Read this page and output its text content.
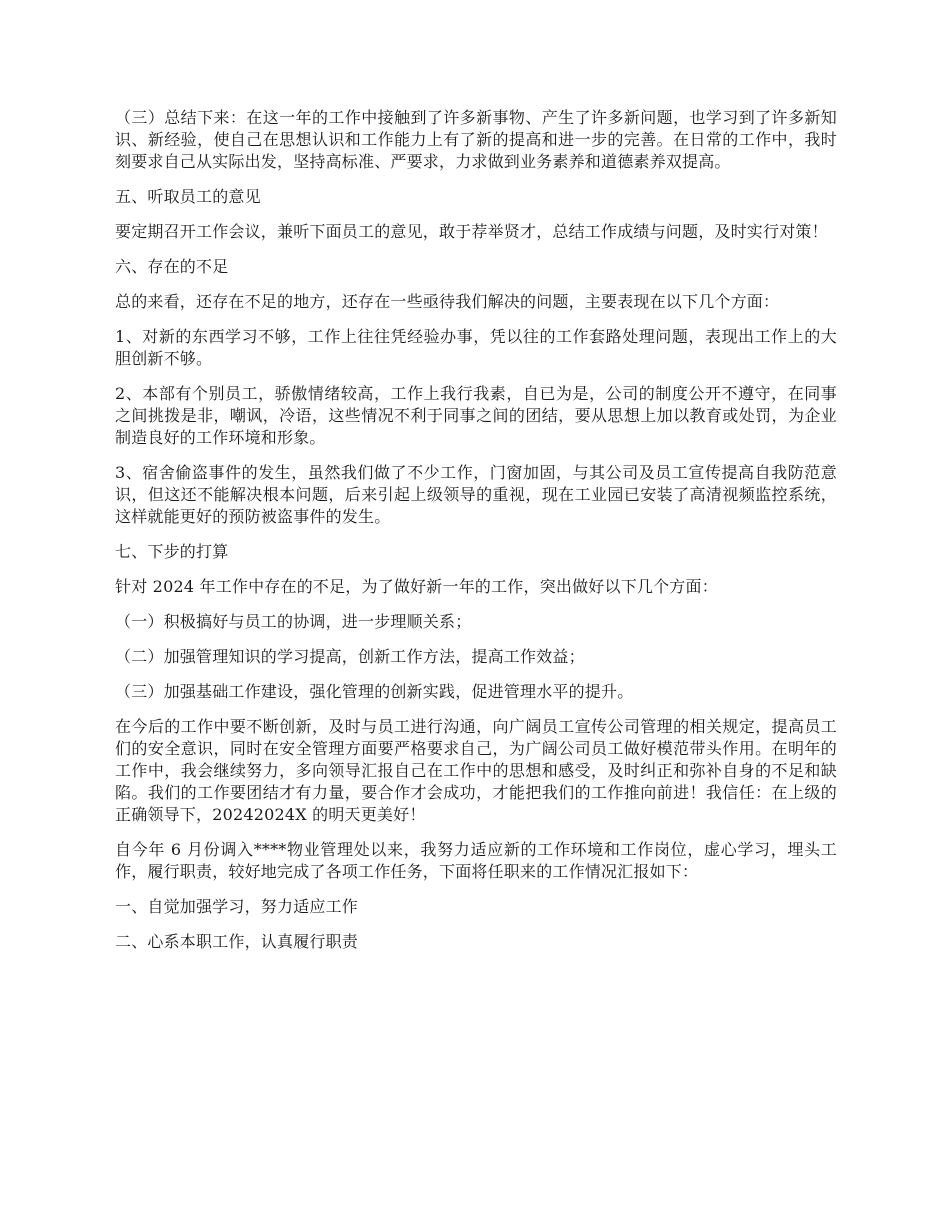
（三）总结下来：在这一年的工作中接触到了许多新事物、产生了许多新问题，也学习到了许多新知识、新经验，使自己在思想认识和工作能力上有了新的提高和进一步的完善。在日常的工作中，我时刻要求自己从实际出发，坚持高标准、严要求，力求做到业务素养和道德素养双提高。

五、听取员工的意见

要定期召开工作会议，兼听下面员工的意见，敢于荐举贤才，总结工作成绩与问题，及时实行对策！

六、存在的不足

总的来看，还存在不足的地方，还存在一些亟待我们解决的问题，主要表现在以下几个方面：

1、对新的东西学习不够，工作上往往凭经验办事，凭以往的工作套路处理问题，表现出工作上的大胆创新不够。

2、本部有个别员工，骄傲情绪较高，工作上我行我素，自已为是，公司的制度公开不遵守，在同事之间挑拨是非，嘲讽，冷语，这些情况不利于同事之间的团结，要从思想上加以教育或处罚，为企业制造良好的工作环境和形象。

3、宿舍偷盗事件的发生，虽然我们做了不少工作，门窗加固，与其公司及员工宣传提高自我防范意识，但这还不能解决根本问题，后来引起上级领导的重视，现在工业园已安装了高清视频监控系统，这样就能更好的预防被盗事件的发生。

七、下步的打算

针对 2024 年工作中存在的不足，为了做好新一年的工作，突出做好以下几个方面：

（一）积极搞好与员工的协调，进一步理顺关系；

（二）加强管理知识的学习提高，创新工作方法，提高工作效益；

（三）加强基础工作建设，强化管理的创新实践，促进管理水平的提升。

在今后的工作中要不断创新，及时与员工进行沟通，向广阔员工宣传公司管理的相关规定，提高员工们的安全意识，同时在安全管理方面要严格要求自己，为广阔公司员工做好模范带头作用。在明年的工作中，我会继续努力，多向领导汇报自己在工作中的思想和感受，及时纠正和弥补自身的不足和缺陷。我们的工作要团结才有力量，要合作才会成功，才能把我们的工作推向前进！我信任：在上级的正确领导下，20242024X 的明天更美好！

自今年 6 月份调入****物业管理处以来，我努力适应新的工作环境和工作岗位，虚心学习，埋头工作，履行职责，较好地完成了各项工作任务，下面将任职来的工作情况汇报如下：

一、自觉加强学习，努力适应工作

二、心系本职工作，认真履行职责
